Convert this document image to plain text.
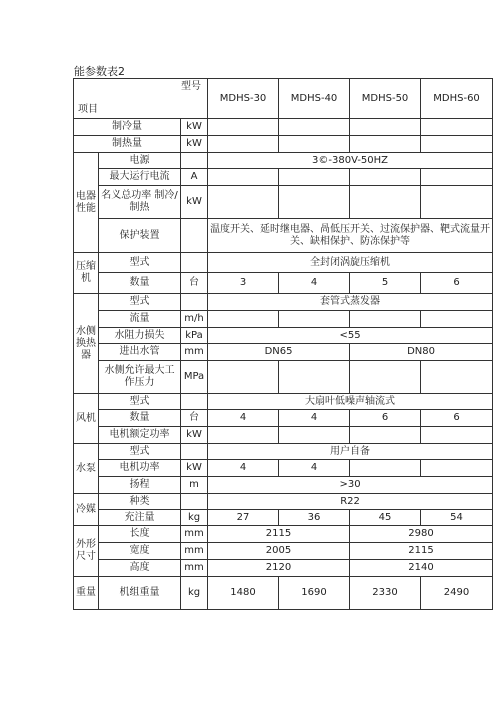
能参数表2
型号
项目			MDHS-30	MDHS-40	MDHS-50	MDHS-60
制冷量		kW				
制热量		kW				
电器性能	电源		3©-380V-50HZ			
	最大运行电流	A				
	名义总功率 制冷/制热	kW				
	保护装置		温度开关、延时继电器、咼低压开关、过流保护器、靶式流量开关、缺相保护、防冻保护等			
压缩机	型式		全封闭涡旋压缩机			
	数量	台	3	4	5	6
水侧换热器	型式		套管式蒸发器			
	流量	m/h				
	水阻力损失	kPa	<55			
	进出水管	mm	DN65		DN80	
	水侧允许最大工作压力	MPa				
风机	型式		大扇叶低噪声轴流式			
	数量	台	4	4	6	6
	电机额定功率	kW				
水泵	型式		用户自备			
	电机功率	kW	4	4		
	扬程	m	>30			
冷媒	种类		R22			
	充注量	kg	27	36	45	54
外形尺寸	长度	mm	2115		2980	
	宽度	mm	2005		2115	
	高度	mm	2120		2140	
重量	机组重量	kg	1480	1690	2330	2490
